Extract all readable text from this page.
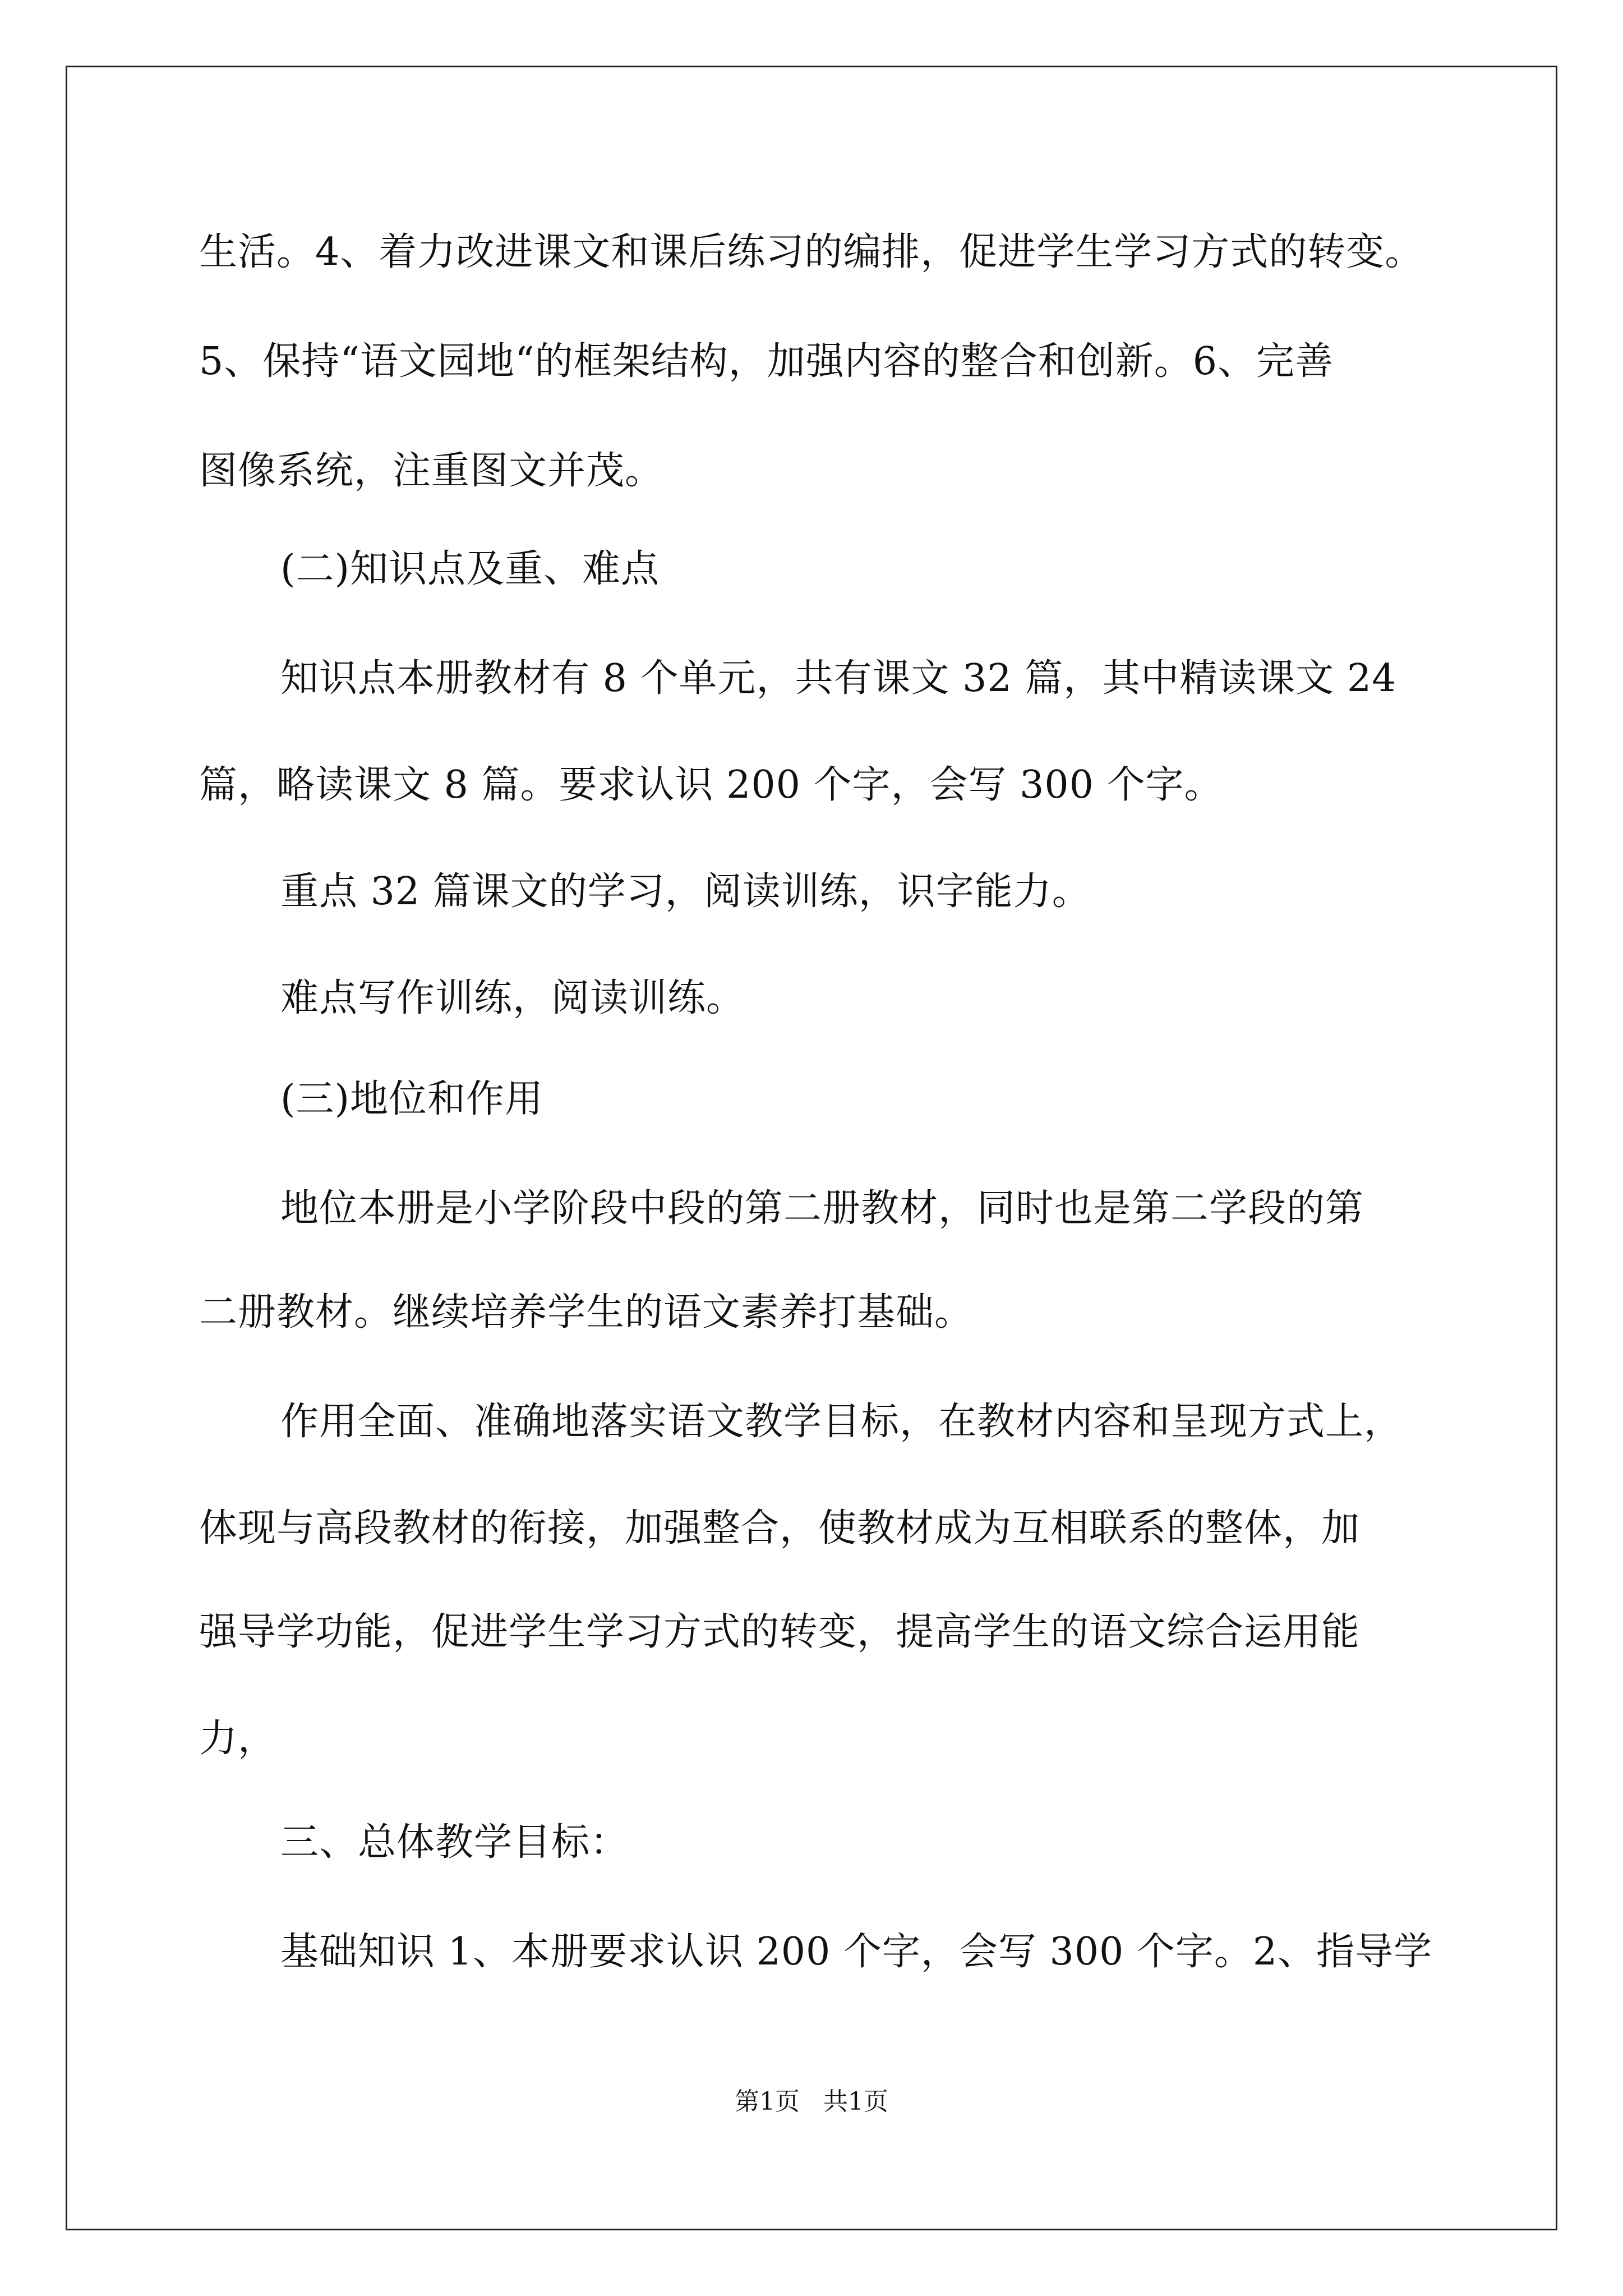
生活。4、着力改进课文和课后练习的编排，促进学生学习方式的转变。
5、保持“语文园地“的框架结构，加强内容的整合和创新。6、完善
图像系统，注重图文并茂。
(二)知识点及重、难点
知识点本册教材有 8 个单元，共有课文 32 篇，其中精读课文 24
篇，略读课文 8 篇。要求认识 200 个字，会写 300 个字。
重点 32 篇课文的学习，阅读训练，识字能力。
难点写作训练，阅读训练。
(三)地位和作用
地位本册是小学阶段中段的第二册教材，同时也是第二学段的第
二册教材。继续培养学生的语文素养打基础。
作用全面、准确地落实语文教学目标，在教材内容和呈现方式上，
体现与高段教材的衔接，加强整合，使教材成为互相联系的整体，加
强导学功能，促进学生学习方式的转变，提高学生的语文综合运用能
力，
三、总体教学目标：
基础知识 1、本册要求认识 200 个字，会写 300 个字。2、指导学
第1页   共1页
